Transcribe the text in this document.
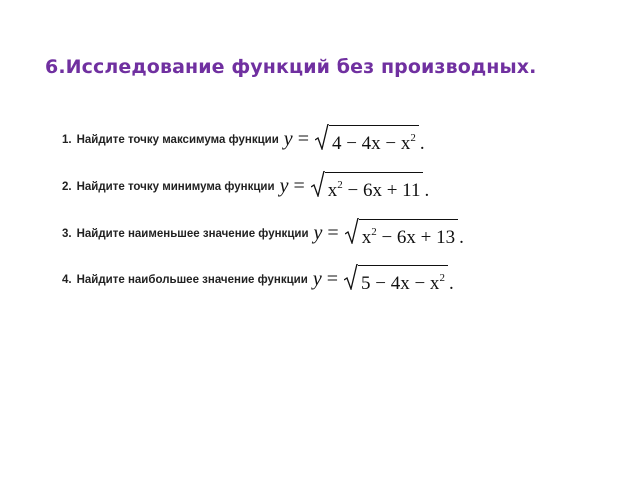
6.Исследование функций без производных.
1. Найдите точку максимума функции $y = 4 - 4x - x^2$ .
2. Найдите точку минимума функции $y = x^2 - 6x + 11$ .
3. Найдите наименьшее значение функции $y = x^2 - 6x + 13$ .
4. Найдите наибольшее значение функции $y = 5 - 4x - x^2$ .
